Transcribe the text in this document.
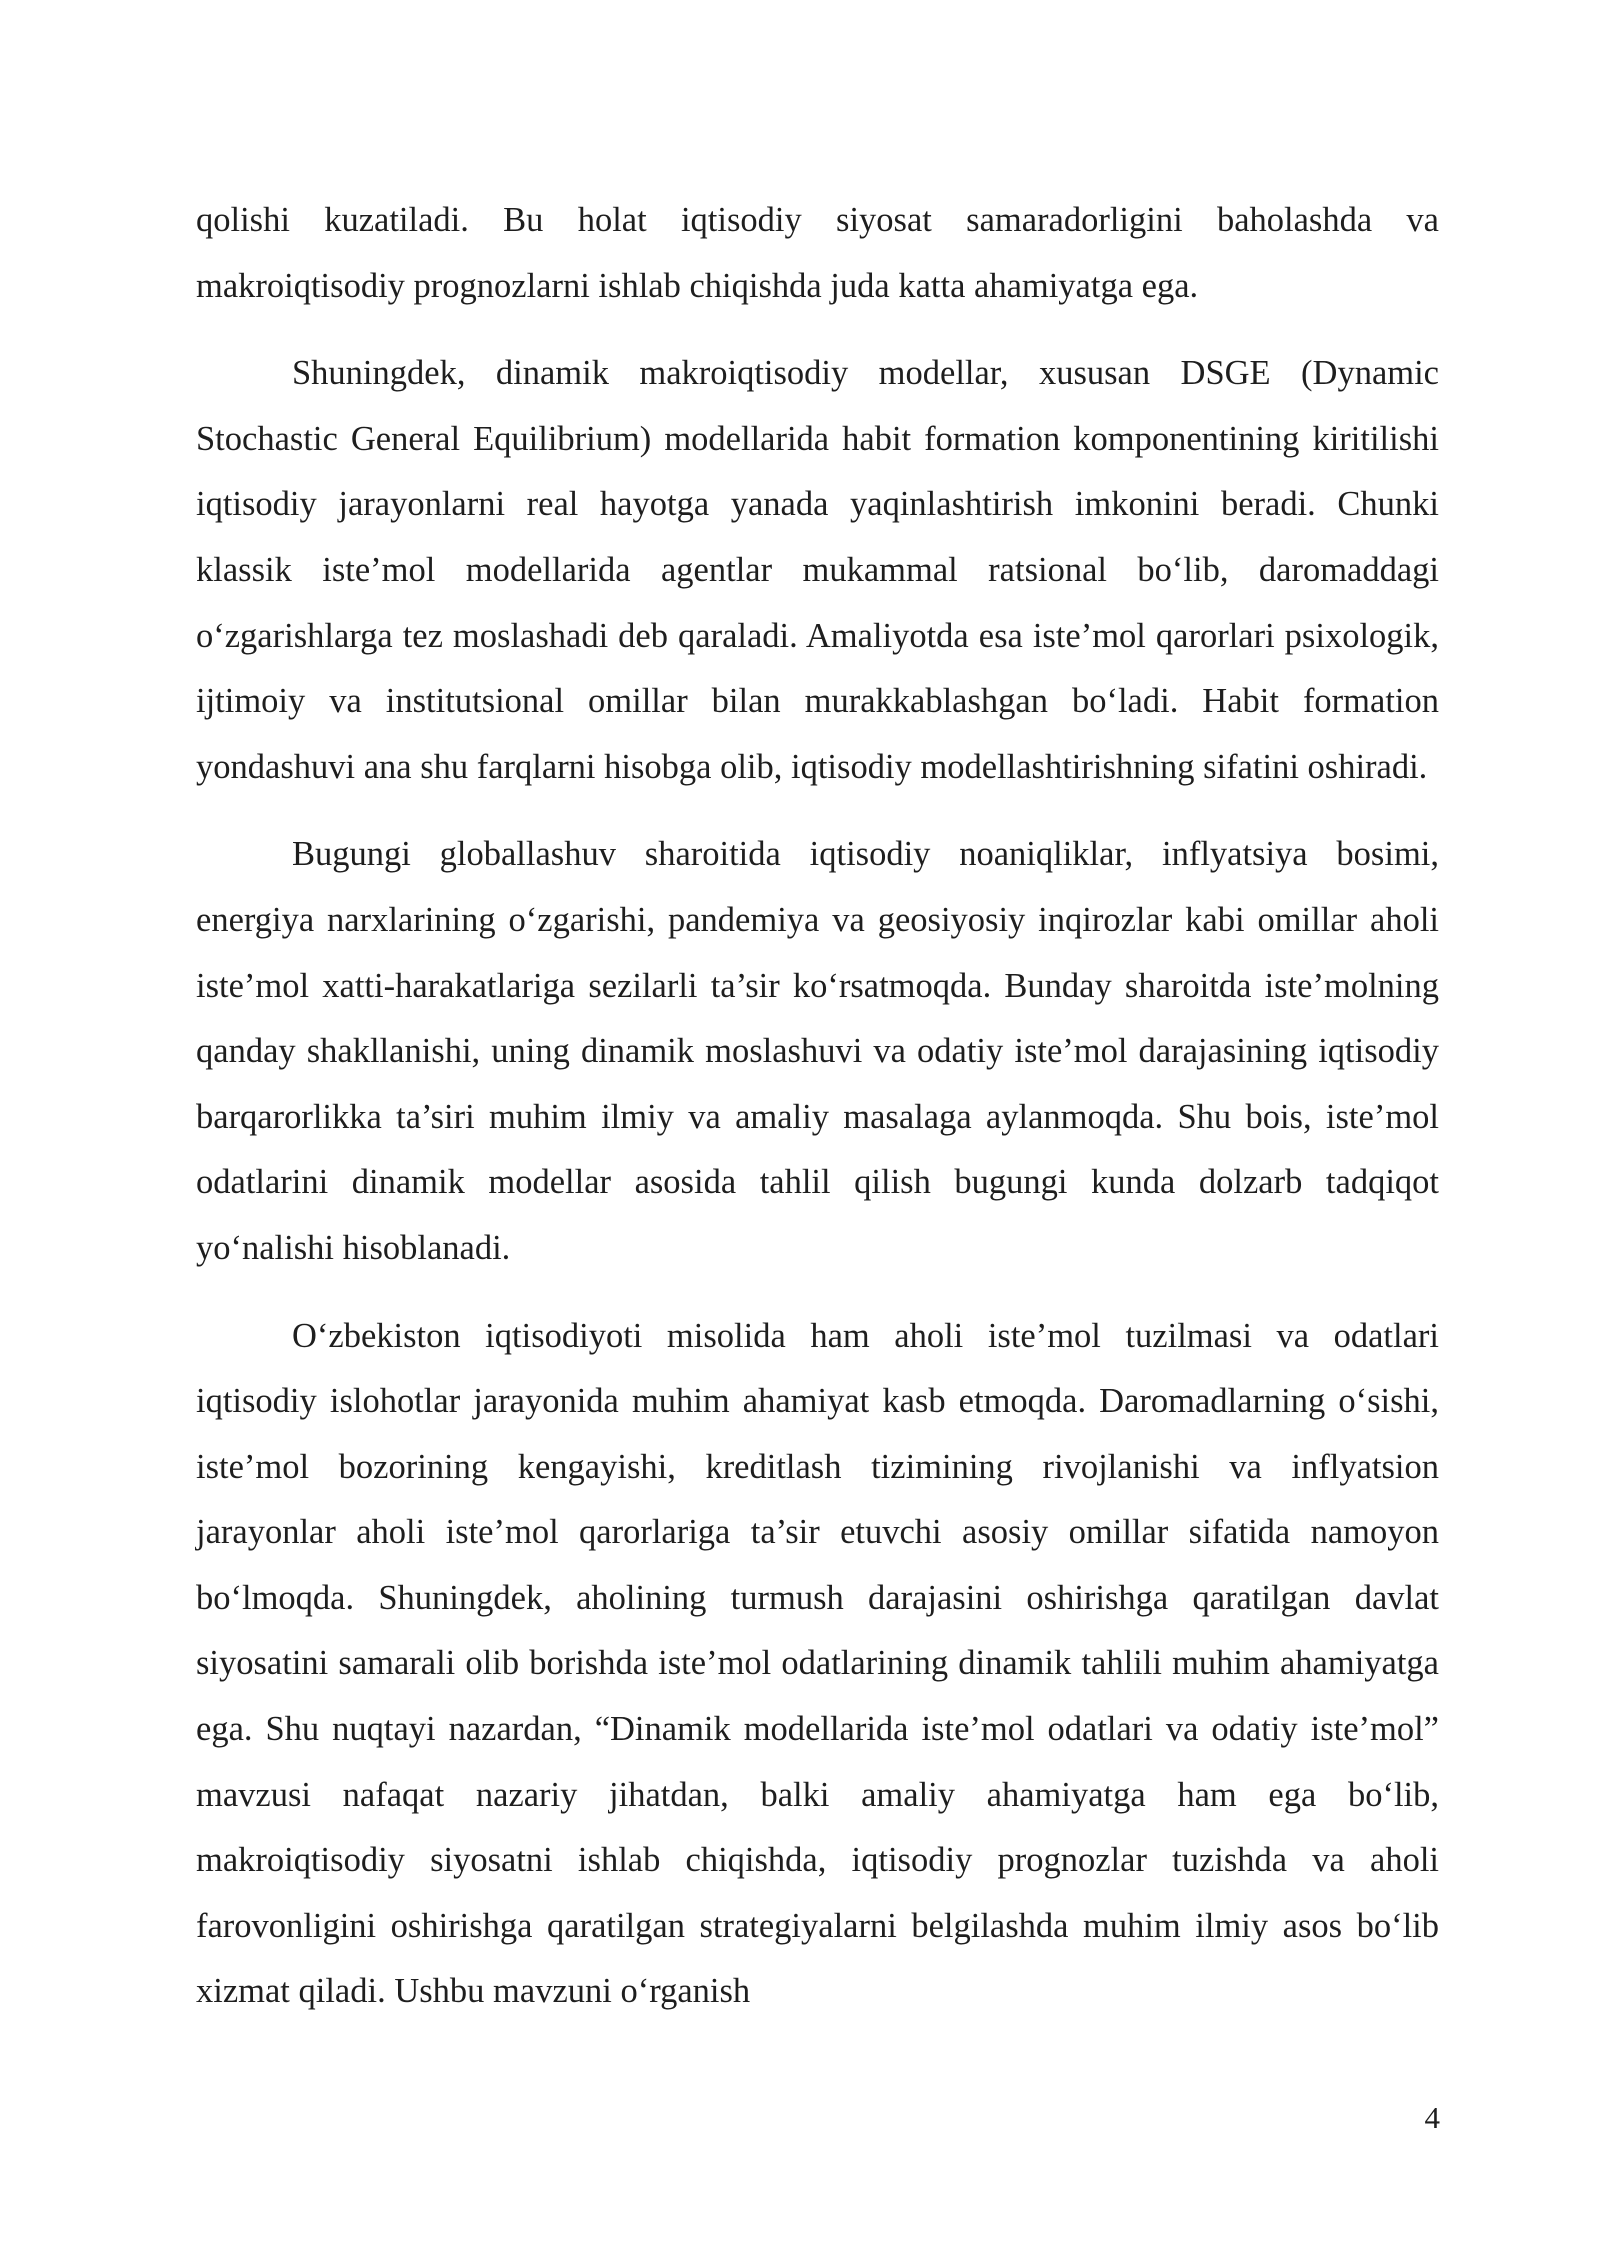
qolishi kuzatiladi. Bu holat iqtisodiy siyosat samaradorligini baholashda va makroiqtisodiy prognozlarni ishlab chiqishda juda katta ahamiyatga ega.

Shuningdek, dinamik makroiqtisodiy modellar, xususan DSGE (Dynamic Stochastic General Equilibrium) modellarida habit formation komponentining kiritilishi iqtisodiy jarayonlarni real hayotga yanada yaqinlashtirish imkonini beradi. Chunki klassik iste’mol modellarida agentlar mukammal ratsional bo‘lib, daromaddagi o‘zgarishlarga tez moslashadi deb qaraladi. Amaliyotda esa iste’mol qarorlari psixologik, ijtimoiy va institutsional omillar bilan murakkablashgan bo‘ladi. Habit formation yondashuvi ana shu farqlarni hisobga olib, iqtisodiy modellashtirishning sifatini oshiradi.

Bugungi globallashuv sharoitida iqtisodiy noaniqliklar, inflyatsiya bosimi, energiya narxlarining o‘zgarishi, pandemiya va geosiyosiy inqirozlar kabi omillar aholi iste’mol xatti-harakatlariga sezilarli ta’sir ko‘rsatmoqda. Bunday sharoitda iste’molning qanday shakllanishi, uning dinamik moslashuvi va odatiy iste’mol darajasining iqtisodiy barqarorlikka ta’siri muhim ilmiy va amaliy masalaga aylanmoqda. Shu bois, iste’mol odatlarini dinamik modellar asosida tahlil qilish bugungi kunda dolzarb tadqiqot yo‘nalishi hisoblanadi.

O‘zbekiston iqtisodiyoti misolida ham aholi iste’mol tuzilmasi va odatlari iqtisodiy islohotlar jarayonida muhim ahamiyat kasb etmoqda. Daromadlarning o‘sishi, iste’mol bozorining kengayishi, kreditlash tizimining rivojlanishi va inflyatsion jarayonlar aholi iste’mol qarorlariga ta’sir etuvchi asosiy omillar sifatida namoyon bo‘lmoqda. Shuningdek, aholining turmush darajasini oshirishga qaratilgan davlat siyosatini samarali olib borishda iste’mol odatlarining dinamik tahlili muhim ahamiyatga ega. Shu nuqtayi nazardan, “Dinamik modellarida iste’mol odatlari va odatiy iste’mol” mavzusi nafaqat nazariy jihatdan, balki amaliy ahamiyatga ham ega bo‘lib, makroiqtisodiy siyosatni ishlab chiqishda, iqtisodiy prognozlar tuzishda va aholi farovonligini oshirishga qaratilgan strategiyalarni belgilashda muhim ilmiy asos bo‘lib xizmat qiladi. Ushbu mavzuni o‘rganish

4
